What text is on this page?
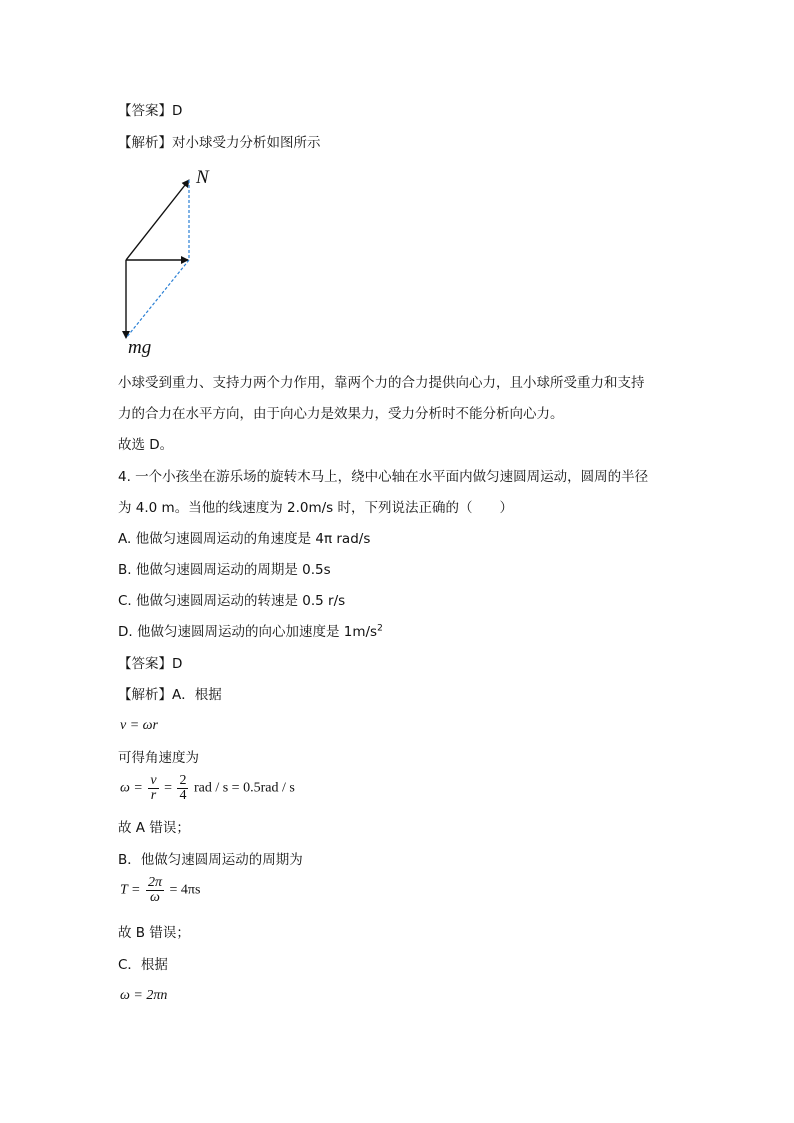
【答案】D
【解析】对小球受力分析如图所示
N
mg
小球受到重力、支持力两个力作用，靠两个力的合力提供向心力，且小球所受重力和支持
力的合力在水平方向，由于向心力是效果力，受力分析时不能分析向心力。
故选 D。
4. 一个小孩坐在游乐场的旋转木马上，绕中心轴在水平面内做匀速圆周运动，圆周的半径
为 4.0 m。当他的线速度为 2.0m/s 时，下列说法正确的（　　）
A. 他做匀速圆周运动的角速度是 4π rad/s
B. 他做匀速圆周运动的周期是 0.5s
C. 他做匀速圆周运动的转速是 0.5 r/s
D. 他做匀速圆周运动的向心加速度是 $1m/s^2$
【答案】D
【解析】A．根据
v = ωr
可得角速度为
$\omega = \frac{v}{r} = \frac{2}{4}$ rad / s = 0.5rad / s
故 A 错误；
B．他做匀速圆周运动的周期为
$T = \frac{2\pi}{\omega} = 4\pi s$
故 B 错误；
C．根据
ω = 2πn
